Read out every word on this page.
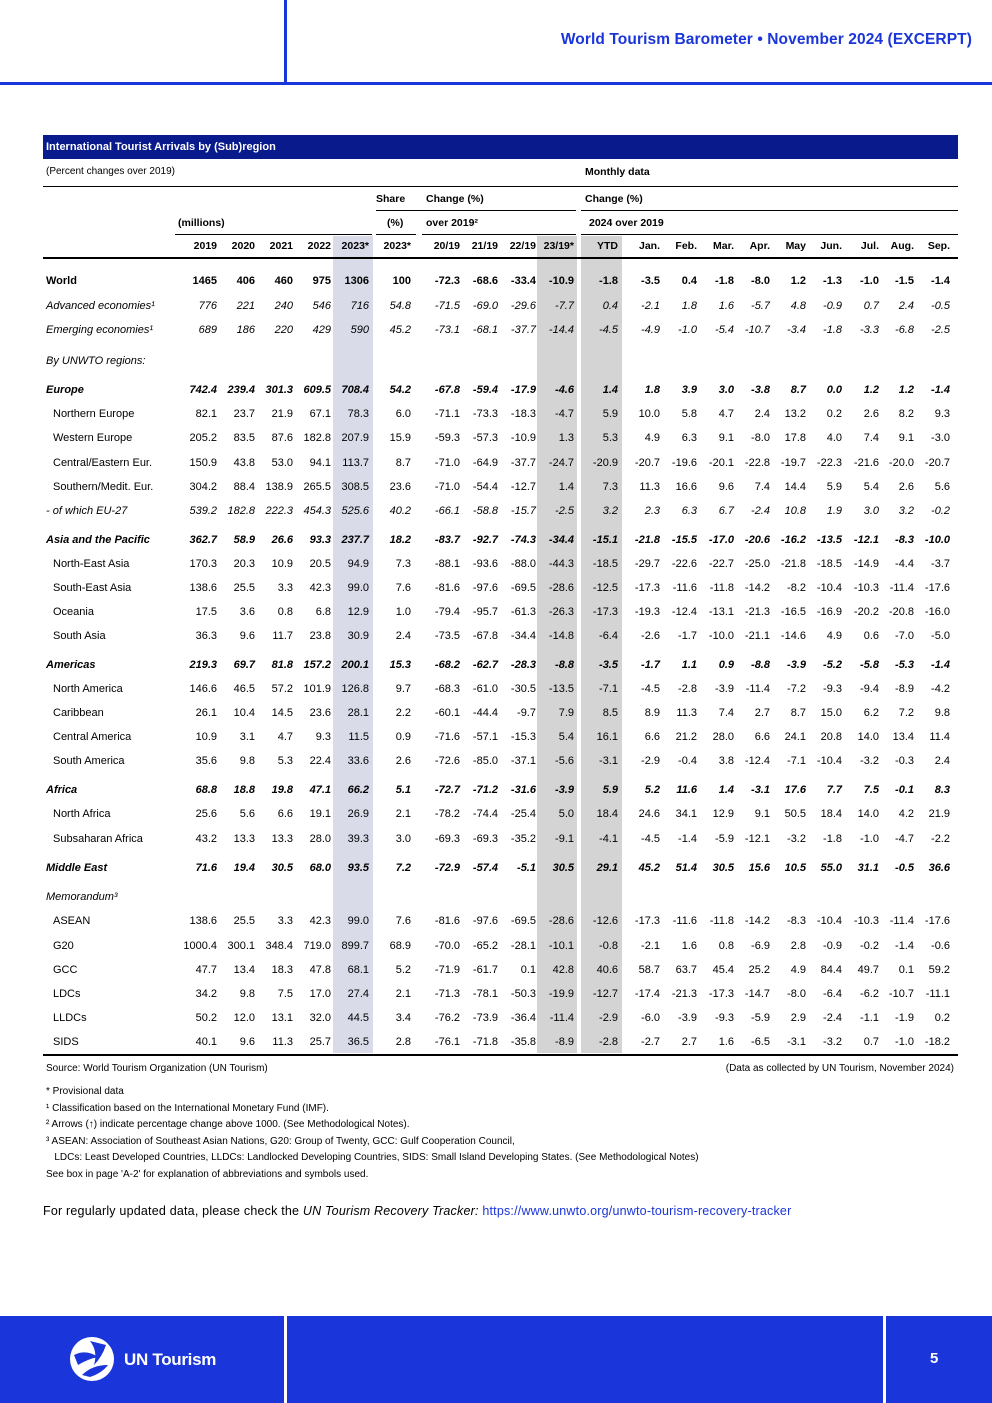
World Tourism Barometer • November 2024 (EXCERPT)
International Tourist Arrivals by (Sub)region
(Percent changes over 2019)	Monthly data
Share Change (%)	Change (%)
(millions)	(%) over 2019²	2024 over 2019
2019 2020 2021 2022 2023* 2023* 20/19 21/19 22/19 23/19* YTD Jan. Feb. Mar. Apr. May Jun. Jul. Aug. Sep.
World	1465 406 460 975 1306 100 -72.3 -68.6 -33.4 -10.9 -1.8 -3.5 0.4 -1.8 -8.0 1.2 -1.3 -1.0 -1.5 -1.4
Advanced economies¹	776 221 240 546 716 54.8 -71.5 -69.0 -29.6 -7.7	0.4 -2.1 1.8 1.6 -5.7 4.8 -0.9 0.7 2.4 -0.5
Emerging economies¹	689 186 220 429 590 45.2 -73.1 -68.1 -37.7 -14.4 -4.5 -4.9 -1.0 -5.4 -10.7 -3.4 -1.8 -3.3 -6.8 -2.5
By UNWTO regions:
Europe	742.4 239.4 301.3 609.5 708.4 54.2 -67.8 -59.4 -17.9 -4.6	1.4 1.8 3.9 3.0 -3.8 8.7 0.0 1.2 1.2 -1.4
Northern Europe	82.1 23.7 21.9 67.1 78.3 6.0 -71.1 -73.3 -18.3 -4.7	5.9 10.0 5.8 4.7 2.4 13.2 0.2 2.6 8.2 9.3
Western Europe	205.2 83.5 87.6 182.8 207.9 15.9 -59.3 -57.3 -10.9 1.3	5.3 4.9 6.3 9.1 -8.0 17.8 4.0 7.4 9.1 -3.0
Central/Eastern Eur.	150.9 43.8 53.0 94.1 113.7 8.7 -71.0 -64.9 -37.7 -24.7 -20.9 -20.7 -19.6 -20.1 -22.8 -19.7 -22.3 -21.6 -20.0 -20.7
Southern/Medit. Eur.	304.2 88.4 138.9 265.5 308.5 23.6 -71.0 -54.4 -12.7 1.4	7.3 11.3 16.6 9.6 7.4 14.4 5.9 5.4 2.6 5.6
- of which EU-27	539.2 182.8 222.3 454.3 525.6 40.2 -66.1 -58.8 -15.7 -2.5	3.2 2.3 6.3 6.7 -2.4 10.8 1.9 3.0 3.2 -0.2
Asia and the Pacific	362.7 58.9 26.6 93.3 237.7 18.2 -83.7 -92.7 -74.3 -34.4 -15.1 -21.8 -15.5 -17.0 -20.6 -16.2 -13.5 -12.1 -8.3 -10.0
North-East Asia	170.3 20.3 10.9 20.5 94.9 7.3 -88.1 -93.6 -88.0 -44.3 -18.5 -29.7 -22.6 -22.7 -25.0 -21.8 -18.5 -14.9 -4.4 -3.7
South-East Asia	138.6 25.5 3.3 42.3 99.0 7.6 -81.6 -97.6 -69.5 -28.6 -12.5 -17.3 -11.6 -11.8 -14.2 -8.2 -10.4 -10.3 -11.4 -17.6
Oceania	17.5 3.6 0.8 6.8 12.9 1.0 -79.4 -95.7 -61.3 -26.3 -17.3 -19.3 -12.4 -13.1 -21.3 -16.5 -16.9 -20.2 -20.8 -16.0
South Asia	36.3 9.6 11.7 23.8 30.9 2.4 -73.5 -67.8 -34.4 -14.8 -6.4 -2.6 -1.7 -10.0 -21.1 -14.6 4.9 0.6 -7.0 -5.0
Americas	219.3 69.7 81.8 157.2 200.1 15.3 -68.2 -62.7 -28.3 -8.8 -3.5 -1.7 1.1 0.9 -8.8 -3.9 -5.2 -5.8 -5.3 -1.4
North America	146.6 46.5 57.2 101.9 126.8 9.7 -68.3 -61.0 -30.5 -13.5 -7.1 -4.5 -2.8 -3.9 -11.4 -7.2 -9.3 -9.4 -8.9 -4.2
Caribbean	26.1 10.4 14.5 23.6 28.1 2.2 -60.1 -44.4 -9.7 7.9	8.5 8.9 11.3 7.4 2.7 8.7 15.0 6.2 7.2 9.8
Central America	10.9 3.1 4.7 9.3 11.5 0.9 -71.6 -57.1 -15.3 5.4 16.1 6.6 21.2 28.0 6.6 24.1 20.8 14.0 13.4 11.4
South America	35.6 9.8 5.3 22.4 33.6 2.6 -72.6 -85.0 -37.1 -5.6 -3.1 -2.9 -0.4 3.8 -12.4 -7.1 -10.4 -3.2 -0.3 2.4
Africa	68.8 18.8 19.8 47.1 66.2 5.1 -72.7 -71.2 -31.6 -3.9	5.9 5.2 11.6 1.4 -3.1 17.6 7.7 7.5 -0.1 8.3
North Africa	25.6 5.6 6.6 19.1 26.9 2.1 -78.2 -74.4 -25.4 5.0 18.4 24.6 34.1 12.9 9.1 50.5 18.4 14.0 4.2 21.9
Subsaharan Africa	43.2 13.3 13.3 28.0 39.3 3.0 -69.3 -69.3 -35.2 -9.1 -4.1 -4.5 -1.4 -5.9 -12.1 -3.2 -1.8 -1.0 -4.7 -2.2
Middle East	71.6 19.4 30.5 68.0 93.5 7.2 -72.9 -57.4 -5.1 30.5 29.1 45.2 51.4 30.5 15.6 10.5 55.0 31.1 -0.5 36.6
Memorandum³
ASEAN	138.6 25.5 3.3 42.3 99.0 7.6 -81.6 -97.6 -69.5 -28.6 -12.6 -17.3 -11.6 -11.8 -14.2 -8.3 -10.4 -10.3 -11.4 -17.6
G20	1000.4 300.1 348.4 719.0 899.7 68.9 -70.0 -65.2 -28.1 -10.1 -0.8 -2.1 1.6 0.8 -6.9 2.8 -0.9 -0.2 -1.4 -0.6
GCC	47.7 13.4 18.3 47.8 68.1 5.2 -71.9 -61.7 0.1 42.8 40.6 58.7 63.7 45.4 25.2 4.9 84.4 49.7 0.1 59.2
LDCs	34.2 9.8 7.5 17.0 27.4 2.1 -71.3 -78.1 -50.3 -19.9 -12.7 -17.4 -21.3 -17.3 -14.7 -8.0 -6.4 -6.2 -10.7 -11.1
LLDCs	50.2 12.0 13.1 32.0 44.5 3.4 -76.2 -73.9 -36.4 -11.4 -2.9 -6.0 -3.9 -9.3 -5.9 2.9 -2.4 -1.1 -1.9 0.2
SIDS	40.1 9.6 11.3 25.7 36.5 2.8 -76.1 -71.8 -35.8 -8.9 -2.8 -2.7 2.7 1.6 -6.5 -3.1 -3.2 0.7 -1.0 -18.2
Source: World Tourism Organization (UN Tourism)	(Data as collected by UN Tourism, November 2024)
* Provisional data
¹ Classification based on the International Monetary Fund (IMF).
² Arrows (↑) indicate percentage change above 1000. (See Methodological Notes).
³ ASEAN: Association of Southeast Asian Nations, G20: Group of Twenty, GCC: Gulf Cooperation Council,
LDCs: Least Developed Countries, LLDCs: Landlocked Developing Countries, SIDS: Small Island Developing States. (See Methodological Notes)
See box in page 'A-2' for explanation of abbreviations and symbols used.
For regularly updated data, please check the UN Tourism Recovery Tracker: https://www.unwto.org/unwto-tourism-recovery-tracker
UN Tourism	5
